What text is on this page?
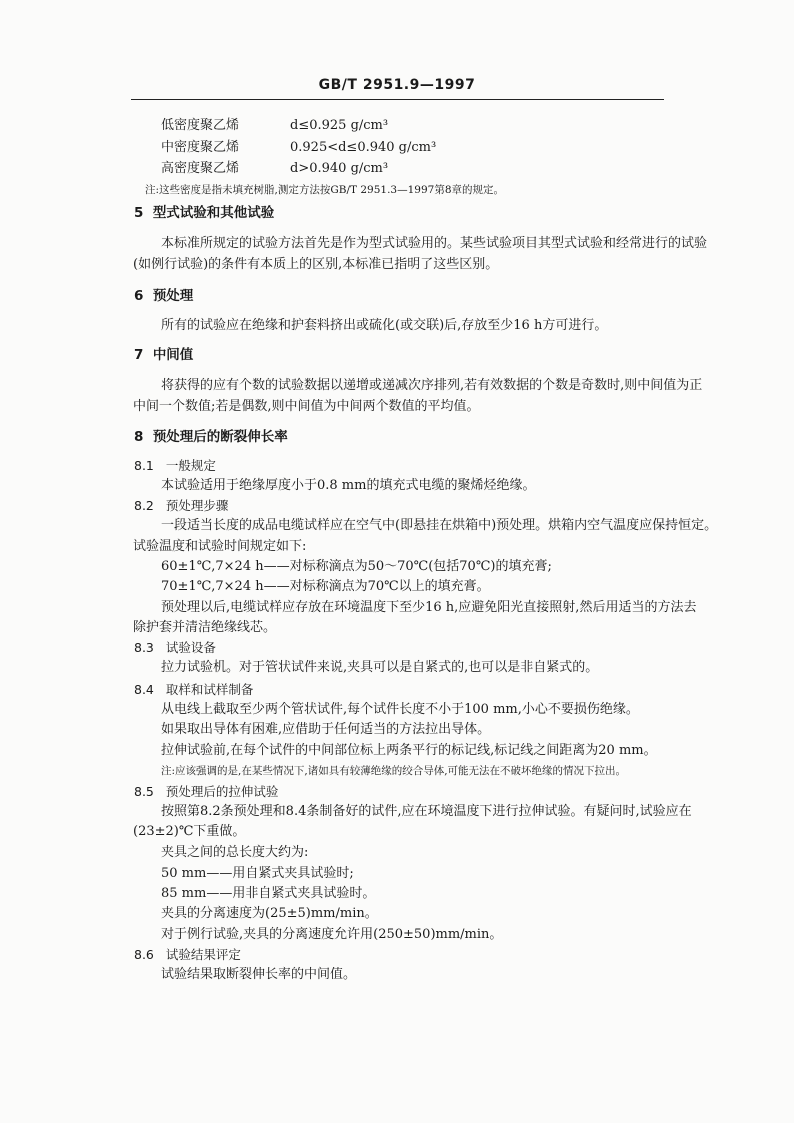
GB/T 2951.9—1997
低密度聚乙烯	d≤0.925 g/cm³
中密度聚乙烯	0.925<d≤0.940 g/cm³
高密度聚乙烯	d>0.940 g/cm³
注:这些密度是指未填充树脂,测定方法按GB/T 2951.3—1997第8章的规定。
5 型式试验和其他试验
本标准所规定的试验方法首先是作为型式试验用的。某些试验项目其型式试验和经常进行的试验
(如例行试验)的条件有本质上的区别,本标准已指明了这些区别。
6 预处理
所有的试验应在绝缘和护套料挤出或硫化(或交联)后,存放至少16 h方可进行。
7 中间值
将获得的应有个数的试验数据以递增或递减次序排列,若有效数据的个数是奇数时,则中间值为正
中间一个数值;若是偶数,则中间值为中间两个数值的平均值。
8 预处理后的断裂伸长率
8.1 一般规定
本试验适用于绝缘厚度小于0.8 mm的填充式电缆的聚烯烃绝缘。
8.2 预处理步骤
一段适当长度的成品电缆试样应在空气中(即悬挂在烘箱中)预处理。烘箱内空气温度应保持恒定。
试验温度和试验时间规定如下:
60±1℃,7×24 h——对标称滴点为50～70℃(包括70℃)的填充膏;
70±1℃,7×24 h——对标称滴点为70℃以上的填充膏。
预处理以后,电缆试样应存放在环境温度下至少16 h,应避免阳光直接照射,然后用适当的方法去
除护套并清洁绝缘线芯。
8.3 试验设备
拉力试验机。对于管状试件来说,夹具可以是自紧式的,也可以是非自紧式的。
8.4 取样和试样制备
从电线上截取至少两个管状试件,每个试件长度不小于100 mm,小心不要损伤绝缘。
如果取出导体有困难,应借助于任何适当的方法拉出导体。
拉伸试验前,在每个试件的中间部位标上两条平行的标记线,标记线之间距离为20 mm。
注:应该强调的是,在某些情况下,诸如具有较薄绝缘的绞合导体,可能无法在不破坏绝缘的情况下拉出。
8.5 预处理后的拉伸试验
按照第8.2条预处理和8.4条制备好的试件,应在环境温度下进行拉伸试验。有疑问时,试验应在
(23±2)℃下重做。
夹具之间的总长度大约为:
50 mm——用自紧式夹具试验时;
85 mm——用非自紧式夹具试验时。
夹具的分离速度为(25±5)mm/min。
对于例行试验,夹具的分离速度允许用(250±50)mm/min。
8.6 试验结果评定
试验结果取断裂伸长率的中间值。
